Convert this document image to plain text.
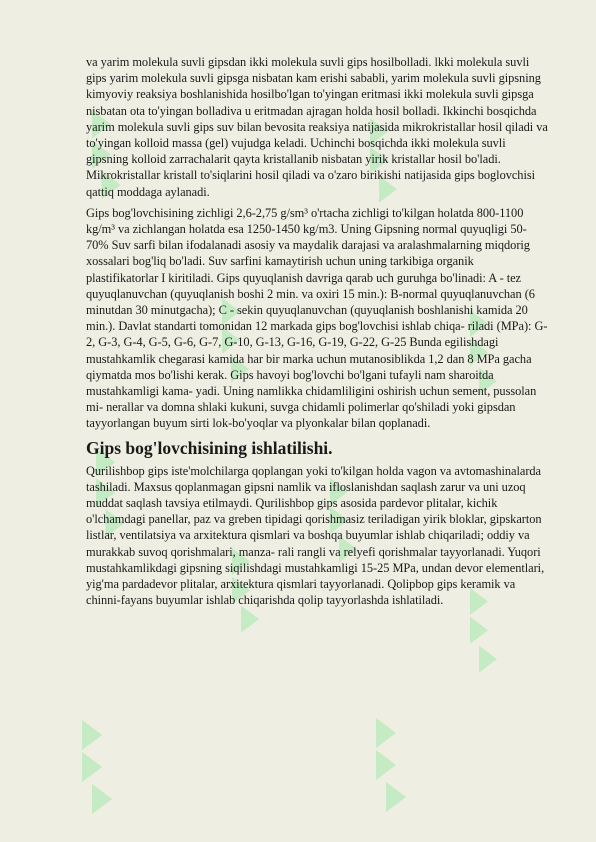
va yarim molekula suvli gipsdan ikki molekula suvli gips hosilbolladi. lkki molekula suvli gips yarim molekula suvli gipsga nisbatan kam erishi sababli, yarim molekula suvli gipsning kimyoviy reaksiya boshlanishida hosilbo'lgan to'yingan eritmasi ikki molekula suvli gipsga nisbatan ota to'yingan bolladiva u eritmadan ajragan holda hosil bolladi. Ikkinchi bosqichda yarim molekula suvli gips suv bilan bevosita reaksiya natijasida mikrokristallar hosil qiladi va to'yingan kolloid massa (gel) vujudga keladi. Uchinchi bosqichda ikki molekula suvli gipsning kolloid zarrachalarit qayta kristallanib nisbatan yirik kristallar hosil bo'ladi. Mikrokristallar kristall to'siqlarini hosil qiladi va o'zaro birikishi natijasida gips boglovchisi qattiq moddaga aylanadi.

Gips bog'lovchisining zichligi 2,6-2,75 g/sm³ o'rtacha zichligi to'kilgan holatda 800-1100 kg/m³ va zichlangan holatda esa 1250-1450 kg/m3. Uning Gipsning normal quyuqligi 50-70% Suv sarfi bilan ifodalanadi asosiy va maydalik darajasi va aralashmalarning miqdorig xossalari bog'liq bo'ladi. Suv sarfini kamaytirish uchun uning tarkibiga organik plastifikatorlar I kiritiladi. Gips quyuqlanish davriga qarab uch guruhga bo'linadi: A - tez quyuqlanuvchan (quyuqlanish boshi 2 min. va oxiri 15 min.): B-normal quyuqlanuvchan (6 minutdan 30 minutgacha); C - sekin quyuqlanuvchan (quyuqlanish boshlanishi kamida 20 min.). Davlat standarti tomonidan 12 markada gips bog'lovchisi ishlab chiqa- riladi (MPa): G-2, G-3, G-4, G-5, G-6, G-7, G-10, G-13, G-16, G-19, G-22, G-25 Bunda egilishdagi mustahkamlik chegarasi kamida har bir marka uchun mutanosiblikda 1,2 dan 8 MPa gacha qiymatda mos bo'lishi kerak. Gips havoyi bog'lovchi bo'lgani tufayli nam sharoitda mustahkamligi kama- yadi. Uning namlikka chidamliligini oshirish uchun sement, pussolan mi- nerallar va domna shlaki kukuni, suvga chidamli polimerlar qo'shiladi yoki gipsdan tayyorlangan buyum sirti lok-bo'yoqlar va plyonkalar bilan qoplanadi.

Gips bog'lovchisining ishlatilishi.

Qurilishbop gips iste'molchilarga qoplangan yoki to'kilgan holda vagon va avtomashinalarda tashiladi. Maxsus qoplanmagan gipsni namlik va ifloslanishdan saqlash zarur va uni uzoq muddat saqlash tavsiya etilmaydi. Qurilishbop gips asosida pardevor plitalar, kichik o'lchamdagi panellar, paz va greben tipidagi qorishmasiz teriladigan yirik bloklar, gipskarton listlar, ventilatsiya va arxitektura qismlari va boshqa buyumlar ishlab chiqariladi; oddiy va murakkab suvoq qorishmalari, manza- rali rangli va relyefi qorishmalar tayyorlanadi. Yuqori mustahkamlikdagi gipsning siqilishdagi mustahkamligi 15-25 MPa, undan devor elementlari, yig'ma pardadevor plitalar, arxitektura qismlari tayyorlanadi. Qolipbop gips keramik va chinni-fayans buyumlar ishlab chiqarishda qolip tayyorlashda ishlatiladi.
